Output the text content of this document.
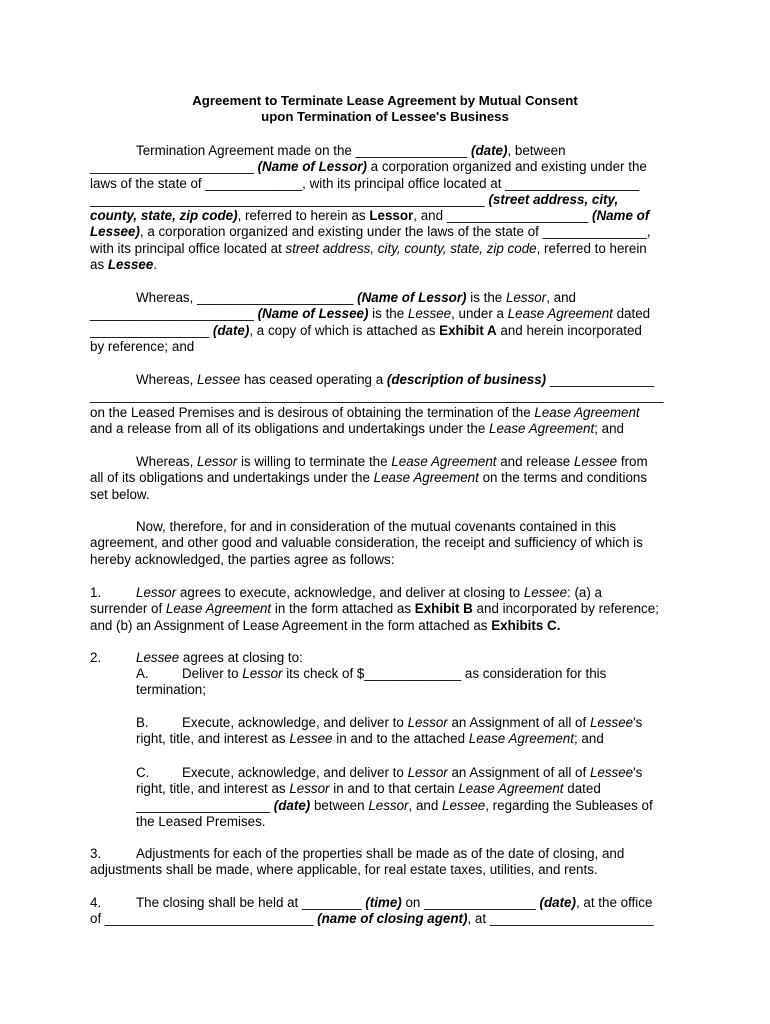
Agreement to Terminate Lease Agreement by Mutual Consent
upon Termination of Lessee's Business
Termination Agreement made on the _______________ (date), between
______________________ (Name of Lessor) a corporation organized and existing under the
laws of the state of _____________, with its principal office located at __________________
_____________________________________________________ (street address, city,
county, state, zip code), referred to herein as Lessor, and ___________________ (Name of
Lessee), a corporation organized and existing under the laws of the state of ______________,
with its principal office located at street address, city, county, state, zip code, referred to herein
as Lessee.
Whereas, _____________________ (Name of Lessor) is the Lessor, and
______________________ (Name of Lessee) is the Lessee, under a Lease Agreement dated
________________ (date), a copy of which is attached as Exhibit A and herein incorporated
by reference; and
Whereas, Lessee has ceased operating a (description of business) ______________
_____________________________________________________________________________
on the Leased Premises and is desirous of obtaining the termination of the Lease Agreement
and a release from all of its obligations and undertakings under the Lease Agreement; and
Whereas, Lessor is willing to terminate the Lease Agreement and release Lessee from
all of its obligations and undertakings under the Lease Agreement on the terms and conditions
set below.
Now, therefore, for and in consideration of the mutual covenants contained in this
agreement, and other good and valuable consideration, the receipt and sufficiency of which is
hereby acknowledged, the parties agree as follows:
1.	Lessor agrees to execute, acknowledge, and deliver at closing to Lessee: (a) a
surrender of Lease Agreement in the form attached as Exhibit B and incorporated by reference;
and (b) an Assignment of Lease Agreement in the form attached as Exhibits C.
2.	Lessee agrees at closing to:
A. Deliver to Lessor its check of $_____________ as consideration for this
termination;
B. Execute, acknowledge, and deliver to Lessor an Assignment of all of Lessee's
right, title, and interest as Lessee in and to the attached Lease Agreement; and
C. Execute, acknowledge, and deliver to Lessor an Assignment of all of Lessee's
right, title, and interest as Lessor in and to that certain Lease Agreement dated
__________________ (date) between Lessor, and Lessee, regarding the Subleases of
the Leased Premises.
3.	Adjustments for each of the properties shall be made as of the date of closing, and
adjustments shall be made, where applicable, for real estate taxes, utilities, and rents.
4.	The closing shall be held at ________ (time) on _______________ (date), at the office
of ____________________________ (name of closing agent), at ______________________
